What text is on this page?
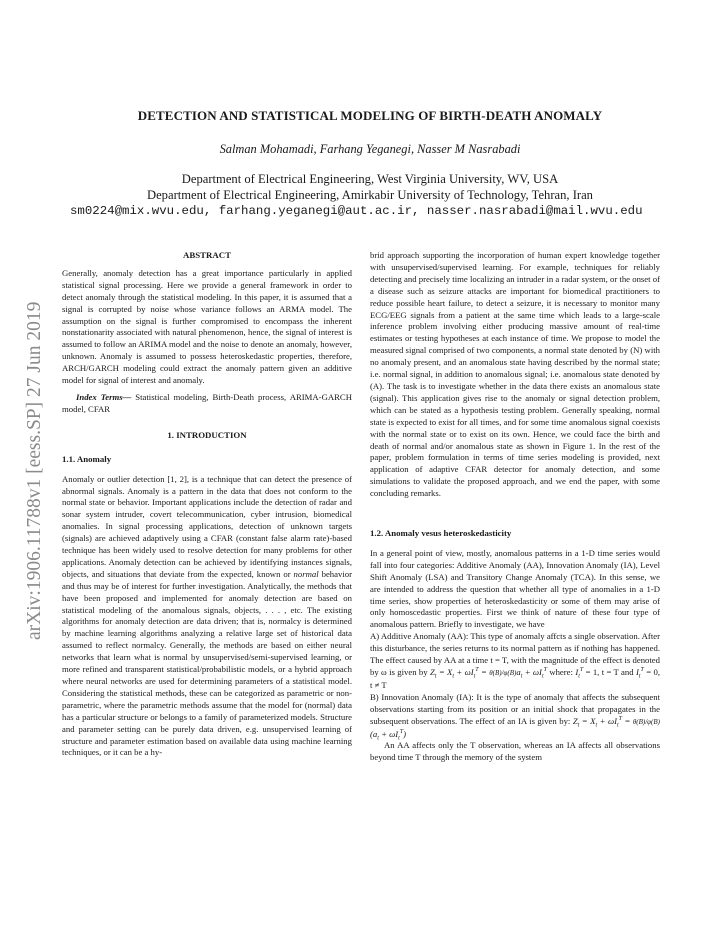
arXiv:1906.11788v1 [eess.SP] 27 Jun 2019
DETECTION AND STATISTICAL MODELING OF BIRTH-DEATH ANOMALY
Salman Mohamadi, Farhang Yeganegi, Nasser M Nasrabadi
Department of Electrical Engineering, West Virginia University, WV, USA
Department of Electrical Engineering, Amirkabir University of Technology, Tehran, Iran
sm0224@mix.wvu.edu, farhang.yeganegi@aut.ac.ir, nasser.nasrabadi@mail.wvu.edu

ABSTRACT

Generally, anomaly detection has a great importance particularly in applied statistical signal processing. Here we provide a general framework in order to detect anomaly through the statistical modeling. In this paper, it is assumed that a signal is corrupted by noise whose variance follows an ARMA model. The assumption on the signal is further compromised to encompass the inherent nonstationarity associated with natural phenomenon, hence, the signal of interest is assumed to follow an ARIMA model and the noise to denote an anomaly, however, unknown. Anomaly is assumed to possess heteroskedastic properties, therefore, ARCH/GARCH modeling could extract the anomaly pattern given an additive model for signal of interest and anomaly.

Index Terms— Statistical modeling, Birth-Death process, ARIMA-GARCH model, CFAR

1. INTRODUCTION

1.1. Anomaly

Anomaly or outlier detection [1, 2], is a technique that can detect the presence of abnormal signals. Anomaly is a pattern in the data that does not conform to the normal state or behavior. Important applications include the detection of radar and sonar system intruder, covert telecommunication, cyber intrusion, biomedical anomalies. In signal processing applications, detection of unknown targets (signals) are achieved adaptively using a CFAR (constant false alarm rate)-based technique has been widely used to resolve detection for many problems for other applications. Anomaly detection can be achieved by identifying instances signals, objects, and situations that deviate from the expected, known or normal behavior and thus may be of interest for further investigation. Analytically, the methods that have been proposed and implemented for anomaly detection are based on statistical modeling of the anomalous signals, objects, . . . , etc. The existing algorithms for anomaly detection are data driven; that is, normalcy is determined by machine learning algorithms analyzing a relative large set of historical data assumed to reflect normalcy. Generally, the methods are based on either neural networks that learn what is normal by unsupervised/semi-supervised learning, or more refined and transparent statistical/probabilistic models, or a hybrid approach where neural networks are used for determining parameters of a statistical model. Considering the statistical methods, these can be categorized as parametric or non-parametric, where the parametric methods assume that the model for (normal) data has a particular structure or belongs to a family of parameterized models. Structure and parameter setting can be purely data driven, e.g. unsupervised learning of structure and parameter estimation based on available data using machine learning techniques, or it can be a hy-

brid approach supporting the incorporation of human expert knowledge together with unsupervised/supervised learning. For example, techniques for reliably detecting and precisely time localizing an intruder in a radar system, or the onset of a disease such as seizure attacks are important for biomedical practitioners to reduce possible heart failure, to detect a seizure, it is necessary to monitor many ECG/EEG signals from a patient at the same time which leads to a large-scale inference problem involving either producing massive amount of real-time estimates or testing hypotheses at each instance of time. We propose to model the measured signal comprised of two components, a normal state denoted by (N) with no anomaly present, and an anomalous state having described by the normal state; i.e. normal signal, in addition to anomalous signal; i.e. anomalous state denoted by (A). The task is to investigate whether in the data there exists an anomalous state (signal). This application gives rise to the anomaly or signal detection problem, which can be stated as a hypothesis testing problem. Generally speaking, normal state is expected to exist for all times, and for some time anomalous signal coexists with the normal state or to exist on its own. Hence, we could face the birth and death of normal and/or anomalous state as shown in Figure 1. In the rest of the paper, problem formulation in terms of time series modeling is provided, next application of adaptive CFAR detector for anomaly detection, and some simulations to validate the proposed approach, and we end the paper, with some concluding remarks.

1.2. Anomaly vesus heteroskedasticity

In a general point of view, mostly, anomalous patterns in a 1-D time series would fall into four categories: Additive Anomaly (AA), Innovation Anomaly (IA), Level Shift Anomaly (LSA) and Transitory Change Anomaly (TCA). In this sense, we are intended to address the question that whether all type of anomalies in a 1-D time series, show properties of heteroskedasticity or some of them may arise of only homoscedastic properties. First we think of nature of these four type of anomalous pattern. Briefly to investigate, we have

A) Additive Anomaly (AA): This type of anomaly affcts a single observation. After this disturbance, the series returns to its normal pattern as if nothing has happened. The effect caused by AA at a time t = T, with the magnitude of the effect is denoted by ω is given by $Z_t = X_t + \omega I_t^T = \theta(B)/\varphi(B)a_t + \omega I_t^T$ where: $I_t^T = 1$, t = T and $I_t^T = 0$, t ≠ T

B) Innovation Anomaly (IA): It is the type of anomaly that affects the subsequent observations starting from its position or an initial shock that propagates in the subsequent observations. The effect of an IA is given by: $Z_t = X_t + \omega I_t^T = \theta(B)/\varphi(B)(a_t + \omega I_t^T)$

An AA affects only the T observation, whereas an IA affects all observations beyond time T through the memory of the system
